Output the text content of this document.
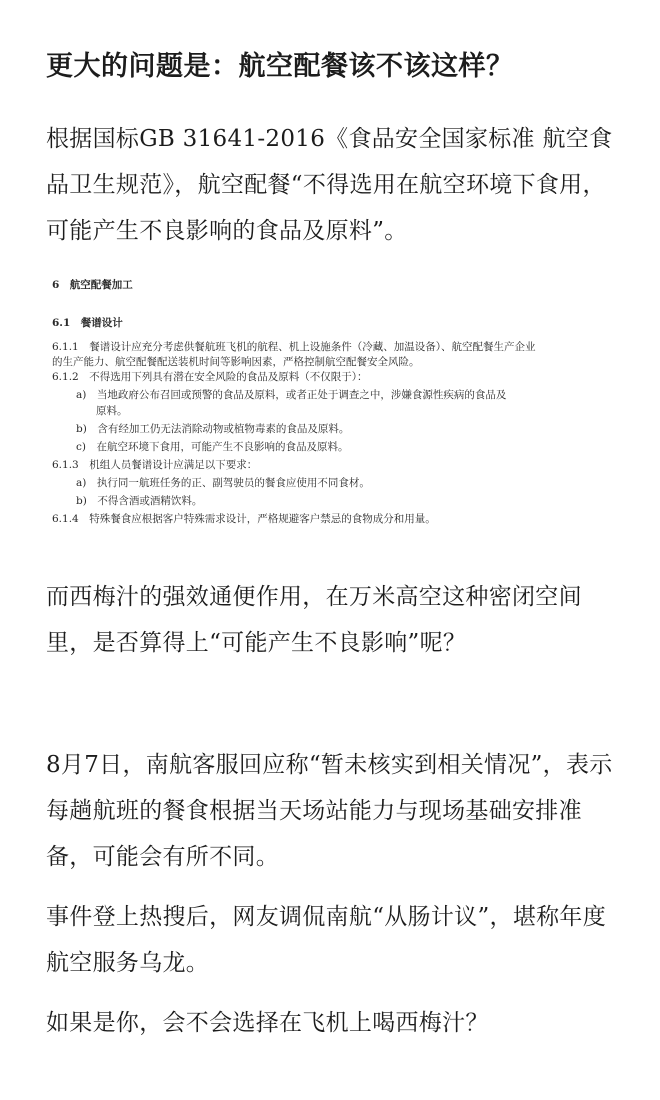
更大的问题是：航空配餐该不该这样？

根据国标GB 31641-2016《食品安全国家标准 航空食品卫生规范》，航空配餐“不得选用在航空环境下食用，可能产生不良影响的食品及原料”。

6　航空配餐加工
6.1　餐谱设计
6.1.1　餐谱设计应充分考虑供餐航班飞机的航程、机上设施条件（冷藏、加温设备）、航空配餐生产企业
的生产能力、航空配餐配送装机时间等影响因素，严格控制航空配餐安全风险。
6.1.2　不得选用下列具有潜在安全风险的食品及原料（不仅限于）：
a)　当地政府公布召回或预警的食品及原料，或者正处于调查之中，涉嫌食源性疾病的食品及
原料。
b)　含有经加工仍无法消除动物或植物毒素的食品及原料。
c)　在航空环境下食用，可能产生不良影响的食品及原料。
6.1.3　机组人员餐谱设计应满足以下要求：
a)　执行同一航班任务的正、副驾驶员的餐食应使用不同食材。
b)　不得含酒或酒精饮料。
6.1.4　特殊餐食应根据客户特殊需求设计，严格规避客户禁忌的食物成分和用量。

而西梅汁的强效通便作用，在万米高空这种密闭空间里，是否算得上“可能产生不良影响”呢？

8月7日，南航客服回应称“暂未核实到相关情况”，表示每趟航班的餐食根据当天场站能力与现场基础安排准备，可能会有所不同。

事件登上热搜后，网友调侃南航“从肠计议”，堪称年度航空服务乌龙。

如果是你，会不会选择在飞机上喝西梅汁？
